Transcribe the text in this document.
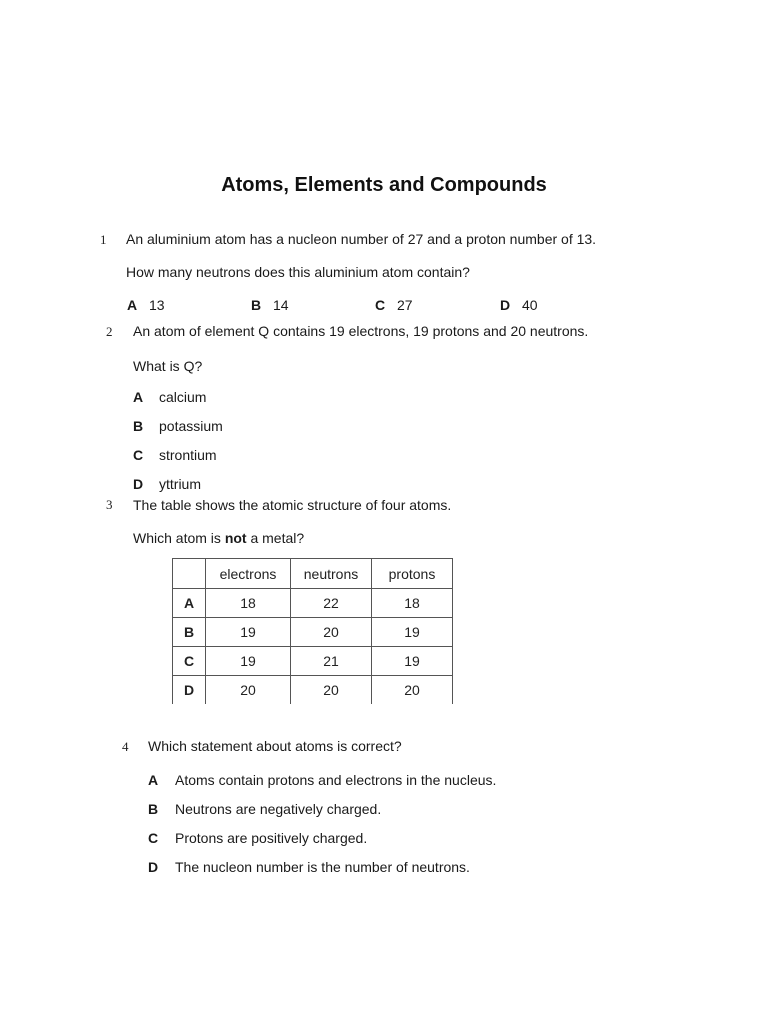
Atoms, Elements and Compounds
1 An aluminium atom has a nucleon number of 27 and a proton number of 13.
How many neutrons does this aluminium atom contain?
A 13	B 14	C 27	D 40
2 An atom of element Q contains 19 electrons, 19 protons and 20 neutrons.
What is Q?
A calcium
B potassium
C strontium
D yttrium
3 The table shows the atomic structure of four atoms.
Which atom is not a metal?
	electrons	neutrons	protons
A	18	22	18
B	19	20	19
C	19	21	19
D	20	20	20
4 Which statement about atoms is correct?
A Atoms contain protons and electrons in the nucleus.
B Neutrons are negatively charged.
C Protons are positively charged.
D The nucleon number is the number of neutrons.
